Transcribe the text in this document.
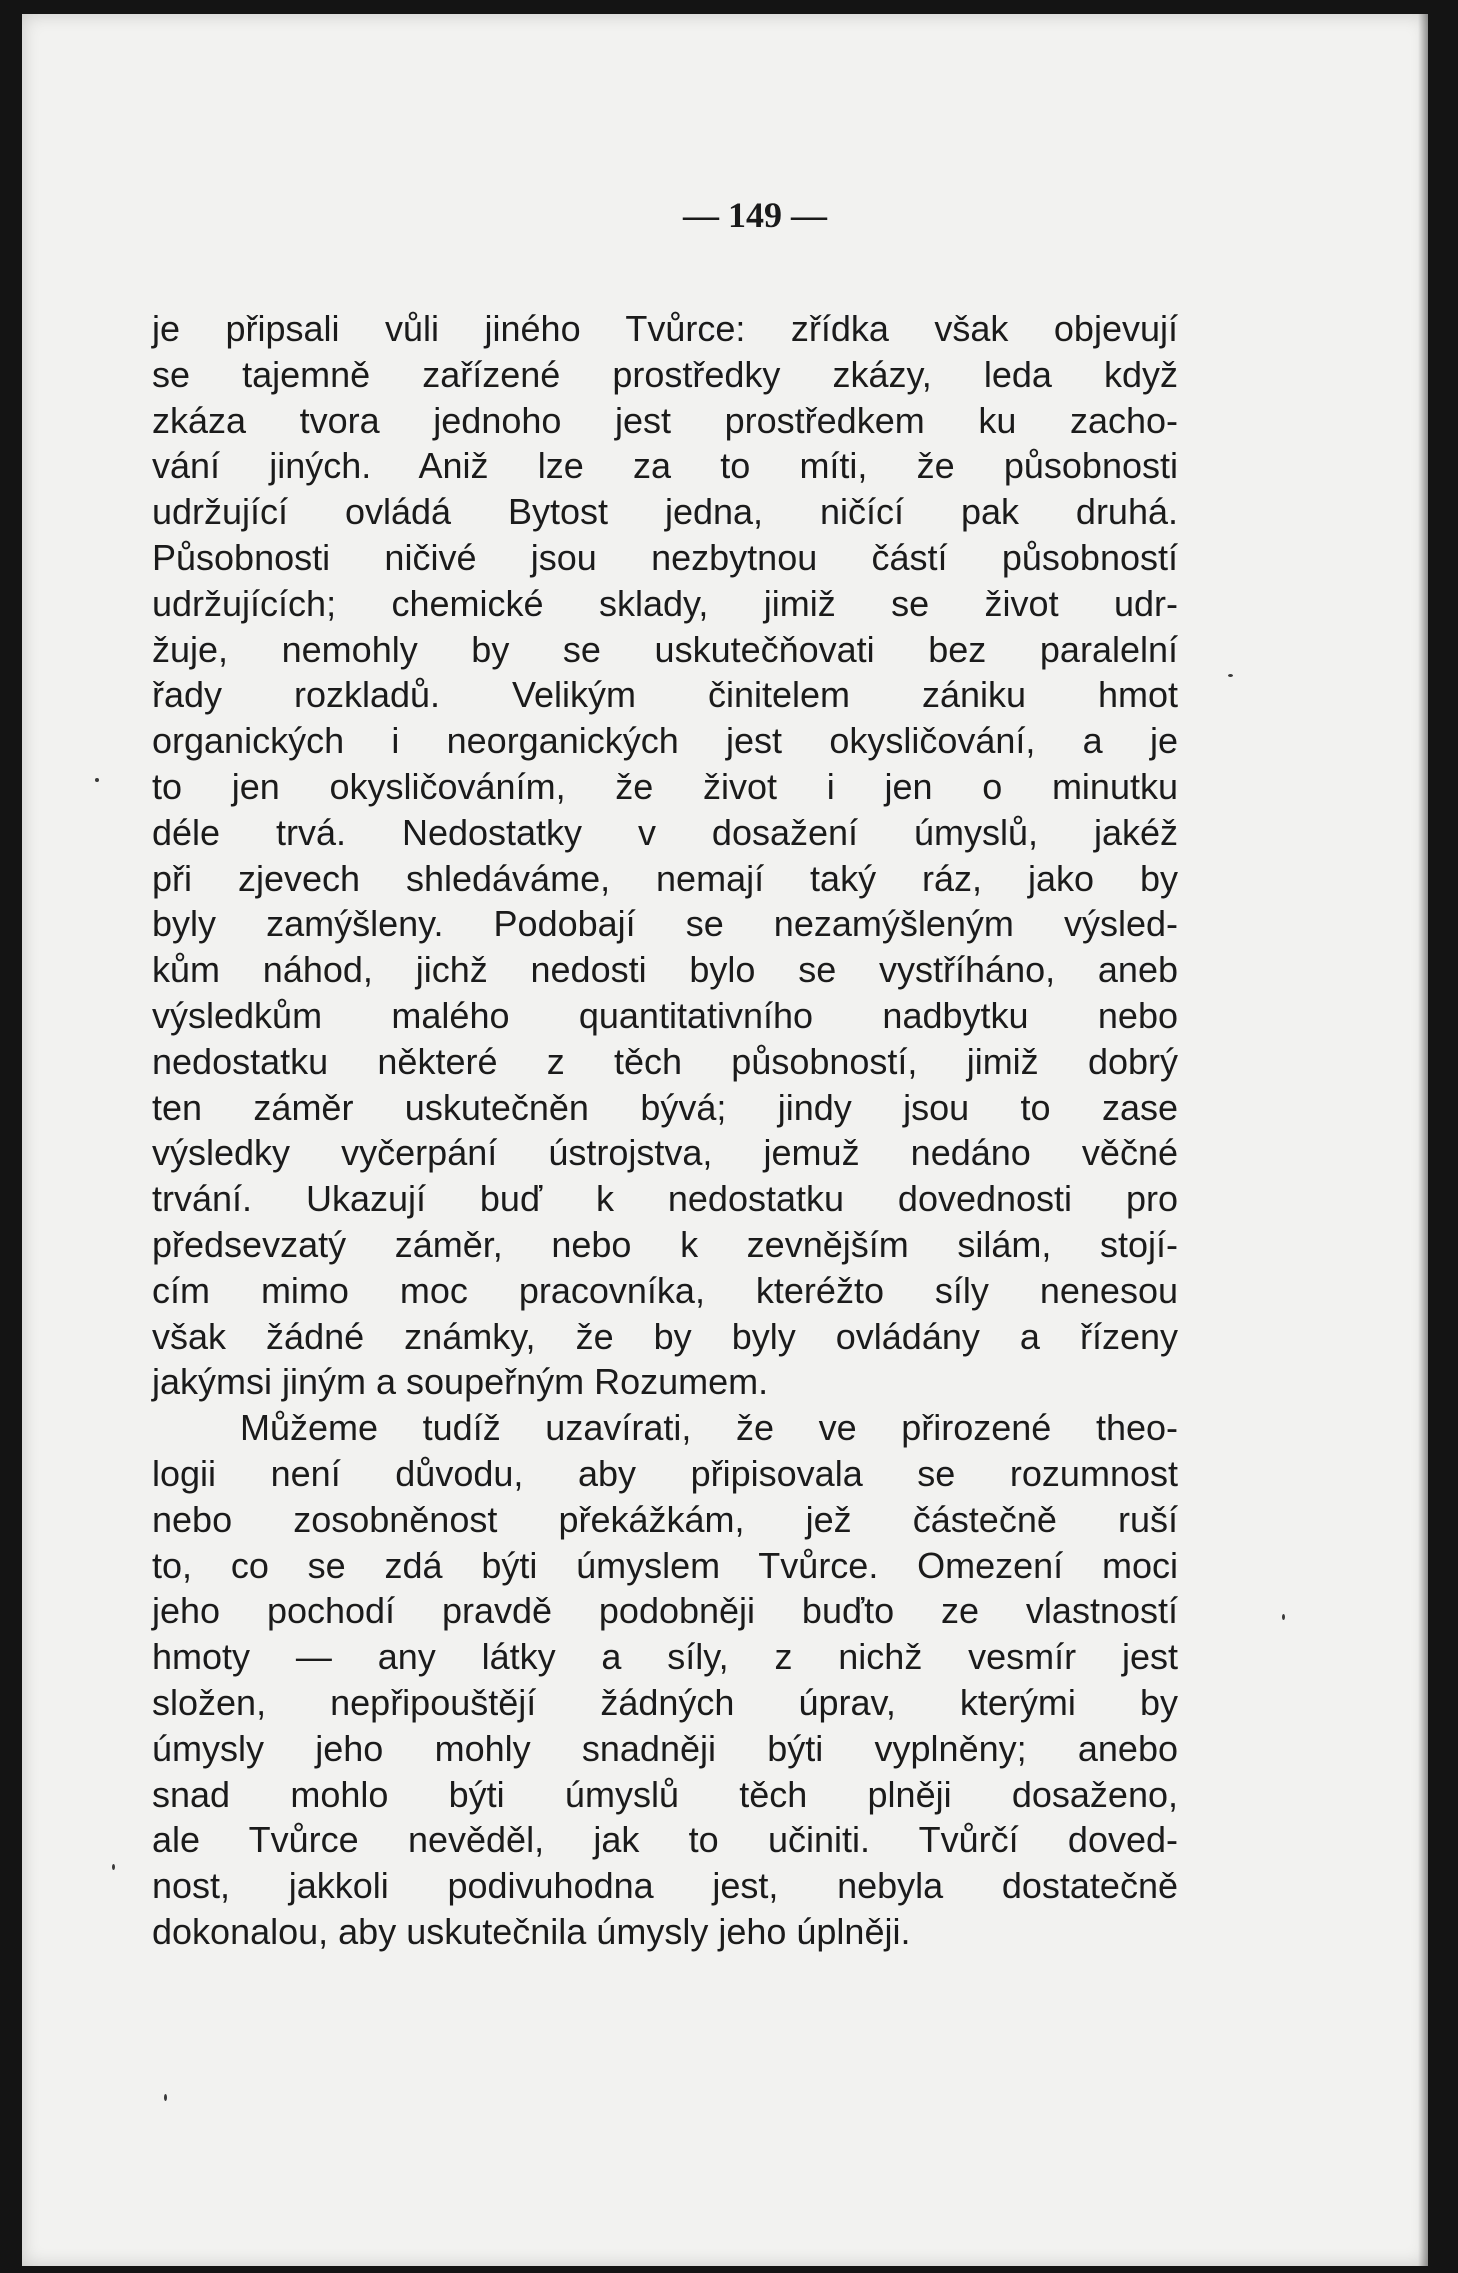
— 149 —
je připsali vůli jiného Tvůrce: zřídka však objevují
se tajemně zařízené prostředky zkázy, leda když
zkáza tvora jednoho jest prostředkem ku zacho-
vání jiných. Aniž lze za to míti, že působnosti
udržující ovládá Bytost jedna, ničící pak druhá.
Působnosti ničivé jsou nezbytnou částí působností
udržujících; chemické sklady, jimiž se život udr-
žuje, nemohly by se uskutečňovati bez paralelní
řady rozkladů. Velikým činitelem zániku hmot
organických i neorganických jest okysličování, a je
to jen okysličováním, že život i jen o minutku
déle trvá. Nedostatky v dosažení úmyslů, jakéž
při zjevech shledáváme, nemají taký ráz, jako by
byly zamýšleny. Podobají se nezamýšleným výsled-
kům náhod, jichž nedosti bylo se vystříháno, aneb
výsledkům malého quantitativního nadbytku nebo
nedostatku některé z těch působností, jimiž dobrý
ten záměr uskutečněn bývá; jindy jsou to zase
výsledky vyčerpání ústrojstva, jemuž nedáno věčné
trvání. Ukazují buď k nedostatku dovednosti pro
předsevzatý záměr, nebo k zevnějším silám, stojí-
cím mimo moc pracovníka, kteréžto síly nenesou
však žádné známky, že by byly ovládány a řízeny
jakýmsi jiným a soupeřným Rozumem.
Můžeme tudíž uzavírati, že ve přirozené theo-
logii není důvodu, aby připisovala se rozumnost
nebo zosobněnost překážkám, jež částečně ruší
to, co se zdá býti úmyslem Tvůrce. Omezení moci
jeho pochodí pravdě podobněji buďto ze vlastností
hmoty — any látky a síly, z nichž vesmír jest
složen, nepřipouštějí žádných úprav, kterými by
úmysly jeho mohly snadněji býti vyplněny; anebo
snad mohlo býti úmyslů těch plněji dosaženo,
ale Tvůrce nevěděl, jak to učiniti. Tvůrčí doved-
nost, jakkoli podivuhodna jest, nebyla dostatečně
dokonalou, aby uskutečnila úmysly jeho úplněji.
